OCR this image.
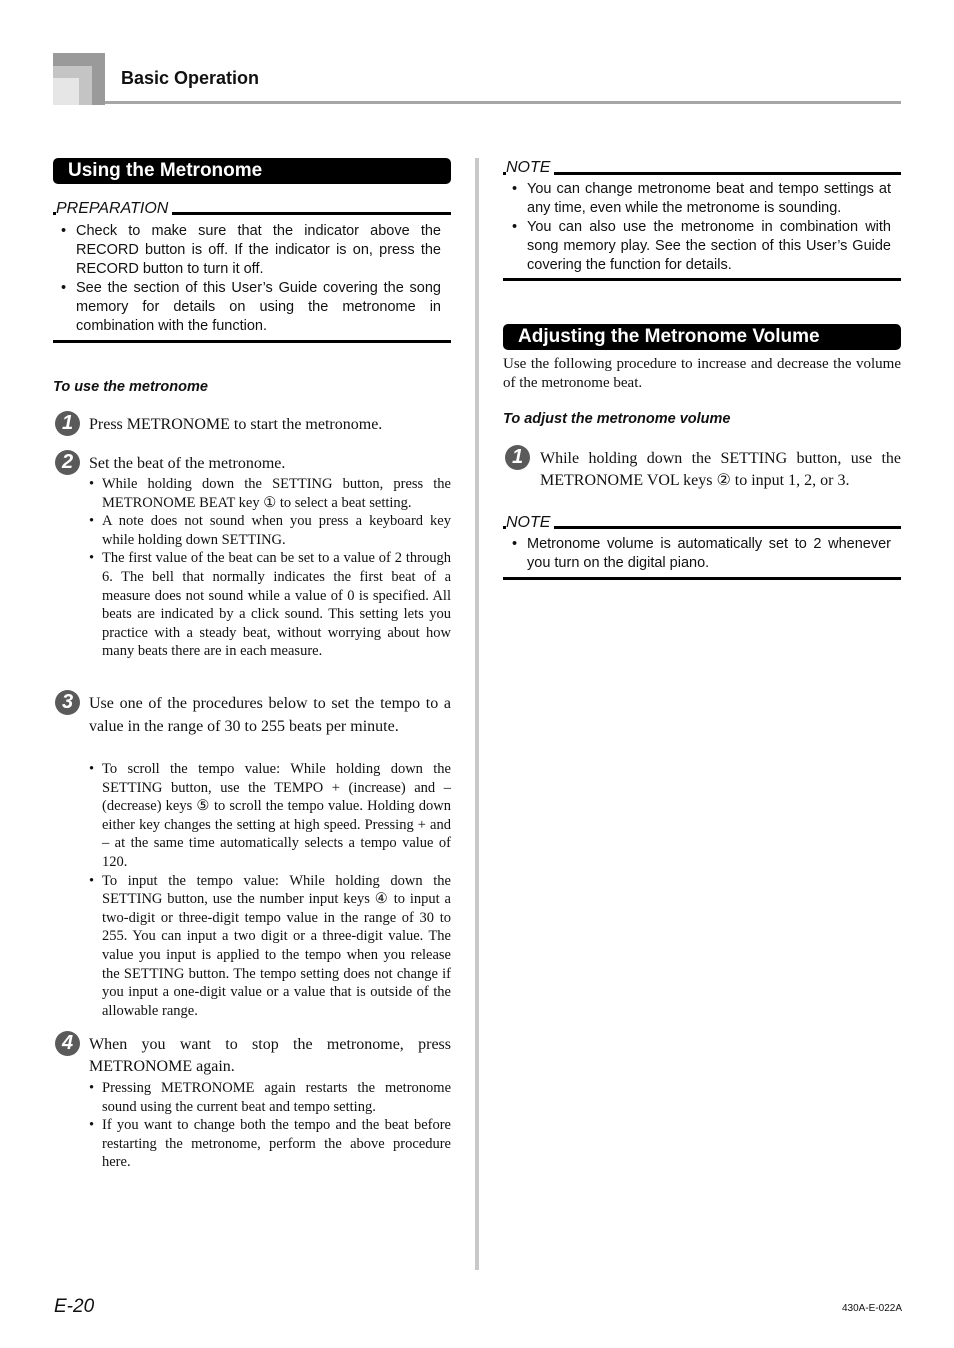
Basic Operation
Using the Metronome
PREPARATION

• Check to make sure that the indicator above the RECORD button is off. If the indicator is on, press the RECORD button to turn it off.

• See the section of this User’s Guide covering the song memory for details on using the metronome in combination with the function.

To use the metronome
1 Press METRONOME to start the metronome.
2 Set the beat of the metronome.

• While holding down the SETTING button, press the METRONOME BEAT key ① to select a beat setting.

• A note does not sound when you press a keyboard key while holding down SETTING.

• The first value of the beat can be set to a value of 2 through 6. The bell that normally indicates the first beat of a measure does not sound while a value of 0 is specified. All beats are indicated by a click sound. This setting lets you practice with a steady beat, without worrying about how many beats there are in each measure.

3 Use one of the procedures below to set the tempo to a value in the range of 30 to 255 beats per minute.

• To scroll the tempo value: While holding down the SETTING button, use the TEMPO + (increase) and – (decrease) keys ⑤ to scroll the tempo value. Holding down either key changes the setting at high speed. Pressing + and – at the same time automatically selects a tempo value of 120.

• To input the tempo value: While holding down the SETTING button, use the number input keys ④ to input a two-digit or three-digit tempo value in the range of 30 to 255. You can input a two digit or a three-digit value. The value you input is applied to the tempo when you release the SETTING button. The tempo setting does not change if you input a one-digit value or a value that is outside of the allowable range.

4 When you want to stop the metronome, press METRONOME again.

• Pressing METRONOME again restarts the metronome sound using the current beat and tempo setting.

• If you want to change both the tempo and the beat before restarting the metronome, perform the above procedure here.

NOTE

• You can change metronome beat and tempo settings at any time, even while the metronome is sounding.

• You can also use the metronome in combination with song memory play. See the section of this User’s Guide covering the function for details.

Adjusting the Metronome Volume
Use the following procedure to increase and decrease the volume of the metronome beat.
To adjust the metronome volume
1	While holding down the SETTING button, use the METRONOME VOL keys ② to input 1, 2, or 3.
NOTE

• Metronome volume is automatically set to 2 whenever you turn on the digital piano.

E-20	430A-E-022A
